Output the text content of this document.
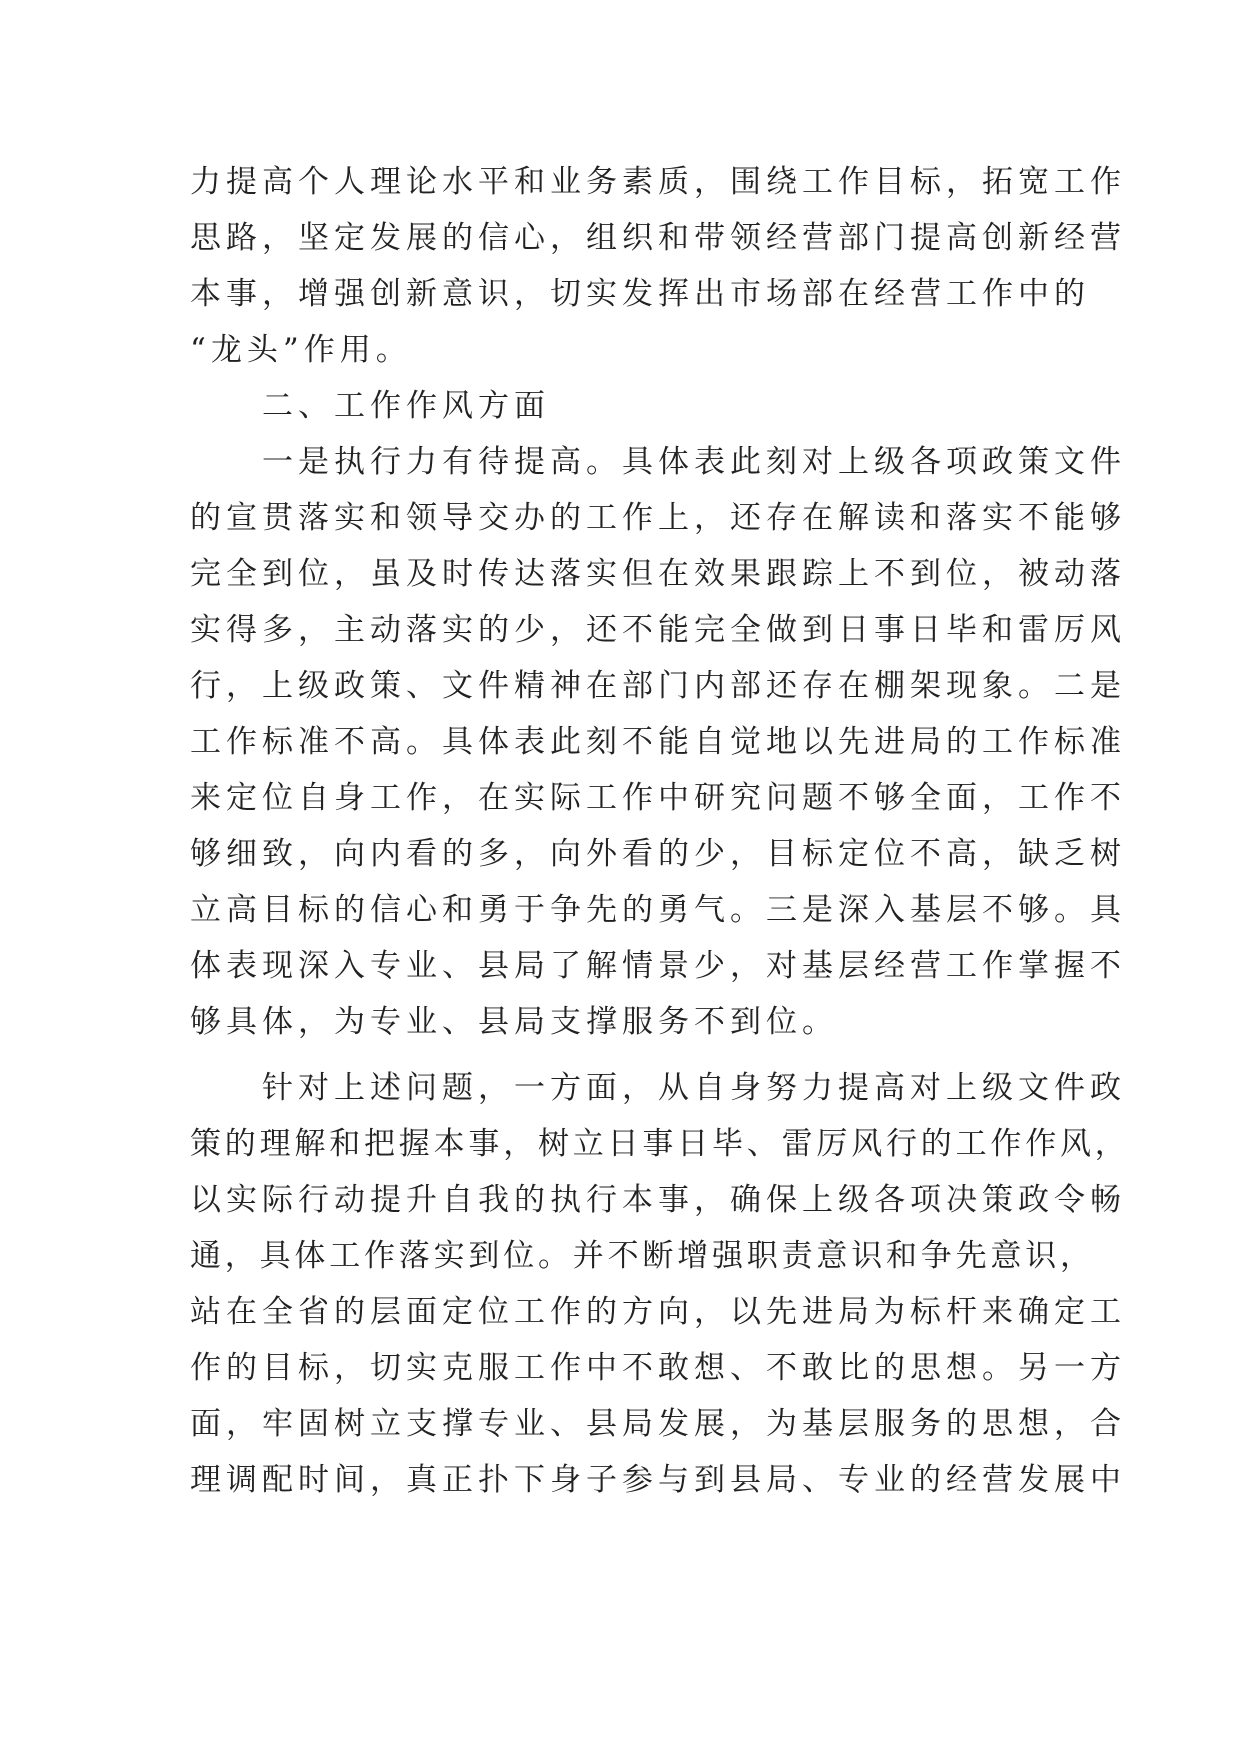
力提高个人理论水平和业务素质，围绕工作目标，拓宽工作
思路，坚定发展的信心，组织和带领经营部门提高创新经营
本事，增强创新意识，切实发挥出市场部在经营工作中的
“龙头”作用。
　　二、工作作风方面
　　一是执行力有待提高。具体表此刻对上级各项政策文件
的宣贯落实和领导交办的工作上，还存在解读和落实不能够
完全到位，虽及时传达落实但在效果跟踪上不到位，被动落
实得多，主动落实的少，还不能完全做到日事日毕和雷厉风
行，上级政策、文件精神在部门内部还存在棚架现象。二是
工作标准不高。具体表此刻不能自觉地以先进局的工作标准
来定位自身工作，在实际工作中研究问题不够全面，工作不
够细致，向内看的多，向外看的少，目标定位不高，缺乏树
立高目标的信心和勇于争先的勇气。三是深入基层不够。具
体表现深入专业、县局了解情景少，对基层经营工作掌握不
够具体，为专业、县局支撑服务不到位。
　　针对上述问题，一方面，从自身努力提高对上级文件政
策的理解和把握本事，树立日事日毕、雷厉风行的工作作风，
以实际行动提升自我的执行本事，确保上级各项决策政令畅
通，具体工作落实到位。并不断增强职责意识和争先意识，
站在全省的层面定位工作的方向，以先进局为标杆来确定工
作的目标，切实克服工作中不敢想、不敢比的思想。另一方
面，牢固树立支撑专业、县局发展，为基层服务的思想，合
理调配时间，真正扑下身子参与到县局、专业的经营发展中
